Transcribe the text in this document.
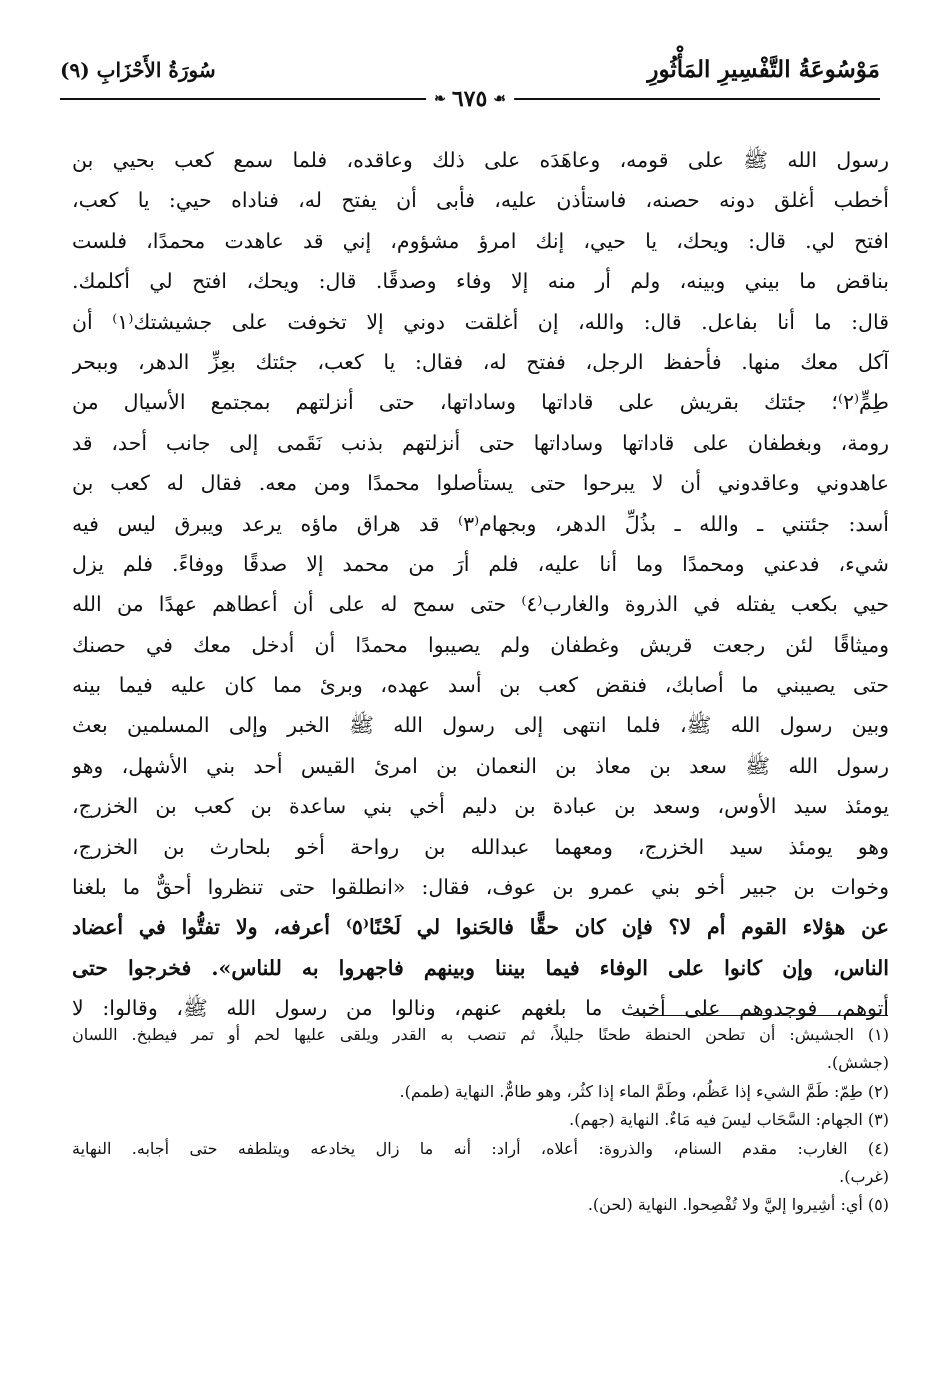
مَوْسُوعَةُ التَّفْسِيرِ المَأْثُورِ
سُورَةُ الأَحْزَابِ (٩)
☙
٦٧٥
❧
رسول الله ﷺ على قومه، وعاهَدَه على ذلك وعاقده، فلما سمع كعب بحيي بن
أخطب أغلق دونه حصنه، فاستأذن عليه، فأبى أن يفتح له، فناداه حيي: يا كعب،
افتح لي. قال: ويحك، يا حيي، إنك امرؤ مشؤوم، إني قد عاهدت محمدًا، فلست
بناقض ما بيني وبينه، ولم أر منه إلا وفاء وصدقًا. قال: ويحك، افتح لي أكلمك.
قال: ما أنا بفاعل. قال: والله، إن أغلقت دوني إلا تخوفت على جشيشتك⁽١⁾ أن
آكل معك منها. فأحفظ الرجل، ففتح له، فقال: يا كعب، جئتك بعِزِّ الدهر، وببحر
طِمٍّ⁽٢⁾؛ جئتك بقريش على قاداتها وساداتها، حتى أنزلتهم بمجتمع الأسيال من
رومة، وبغطفان على قاداتها وساداتها حتى أنزلتهم بذنب نَقَمى إلى جانب أحد، قد
عاهدوني وعاقدوني أن لا يبرحوا حتى يستأصلوا محمدًا ومن معه. فقال له كعب بن
أسد: جئتني ـ والله ـ بذُلِّ الدهر، وبجهام⁽٣⁾ قد هراق ماؤه يرعد ويبرق ليس فيه
شيء، فدعني ومحمدًا وما أنا عليه، فلم أرَ من محمد إلا صدقًا ووفاءً. فلم يزل
حيي بكعب يفتله في الذروة والغارب⁽٤⁾ حتى سمح له على أن أعطاهم عهدًا من الله
وميثاقًا لئن رجعت قريش وغطفان ولم يصيبوا محمدًا أن أدخل معك في حصنك
حتى يصيبني ما أصابك، فنقض كعب بن أسد عهده، وبرئ مما كان عليه فيما بينه
وبين رسول الله ﷺ، فلما انتهى إلى رسول الله ﷺ الخبر وإلى المسلمين بعث
رسول الله ﷺ سعد بن معاذ بن النعمان بن امرئ القيس أحد بني الأشهل، وهو
يومئذ سيد الأوس، وسعد بن عبادة بن دليم أخي بني ساعدة بن كعب بن الخزرج،
وهو يومئذ سيد الخزرج، ومعهما عبدالله بن رواحة أخو بلحارث بن الخزرج،
وخوات بن جبير أخو بني عمرو بن عوف، فقال: «انطلقوا حتى تنظروا أحقٌّ ما بلغنا
عن هؤلاء القوم أم لا؟ فإن كان حقًّا فالحَنوا لي لَحْنًا⁽٥⁾ أعرفه، ولا تفتُّوا في أعضاد
الناس، وإن كانوا على الوفاء فيما بيننا وبينهم فاجهروا به للناس». فخرجوا حتى
أتوهم، فوجدوهم على أخبث ما بلغهم عنهم، ونالوا من رسول الله ﷺ، وقالوا: لا
(١) الجشيش: أن تطحن الحنطة طحنًا جليلاً، ثم تنصب به القدر ويلقى عليها لحم أو تمر فيطبخ. اللسان
(جشش).
(٢) طِمّ: طَمَّ الشيء إذا عَظُم، وطَمَّ الماء إذا كثُر، وهو طامٌّ. النهاية (طمم).
(٣) الجهام: السَّحَاب ليسَ فيه مَاءٌ. النهاية (جهم).
(٤) الغارب: مقدم السنام، والذروة: أعلاه، أراد: أنه ما زال يخادعه ويتلطفه حتى أجابه. النهاية
(غرب).
(٥) أي: أشِيروا إليَّ ولا تُفْصِحوا. النهاية (لحن).
